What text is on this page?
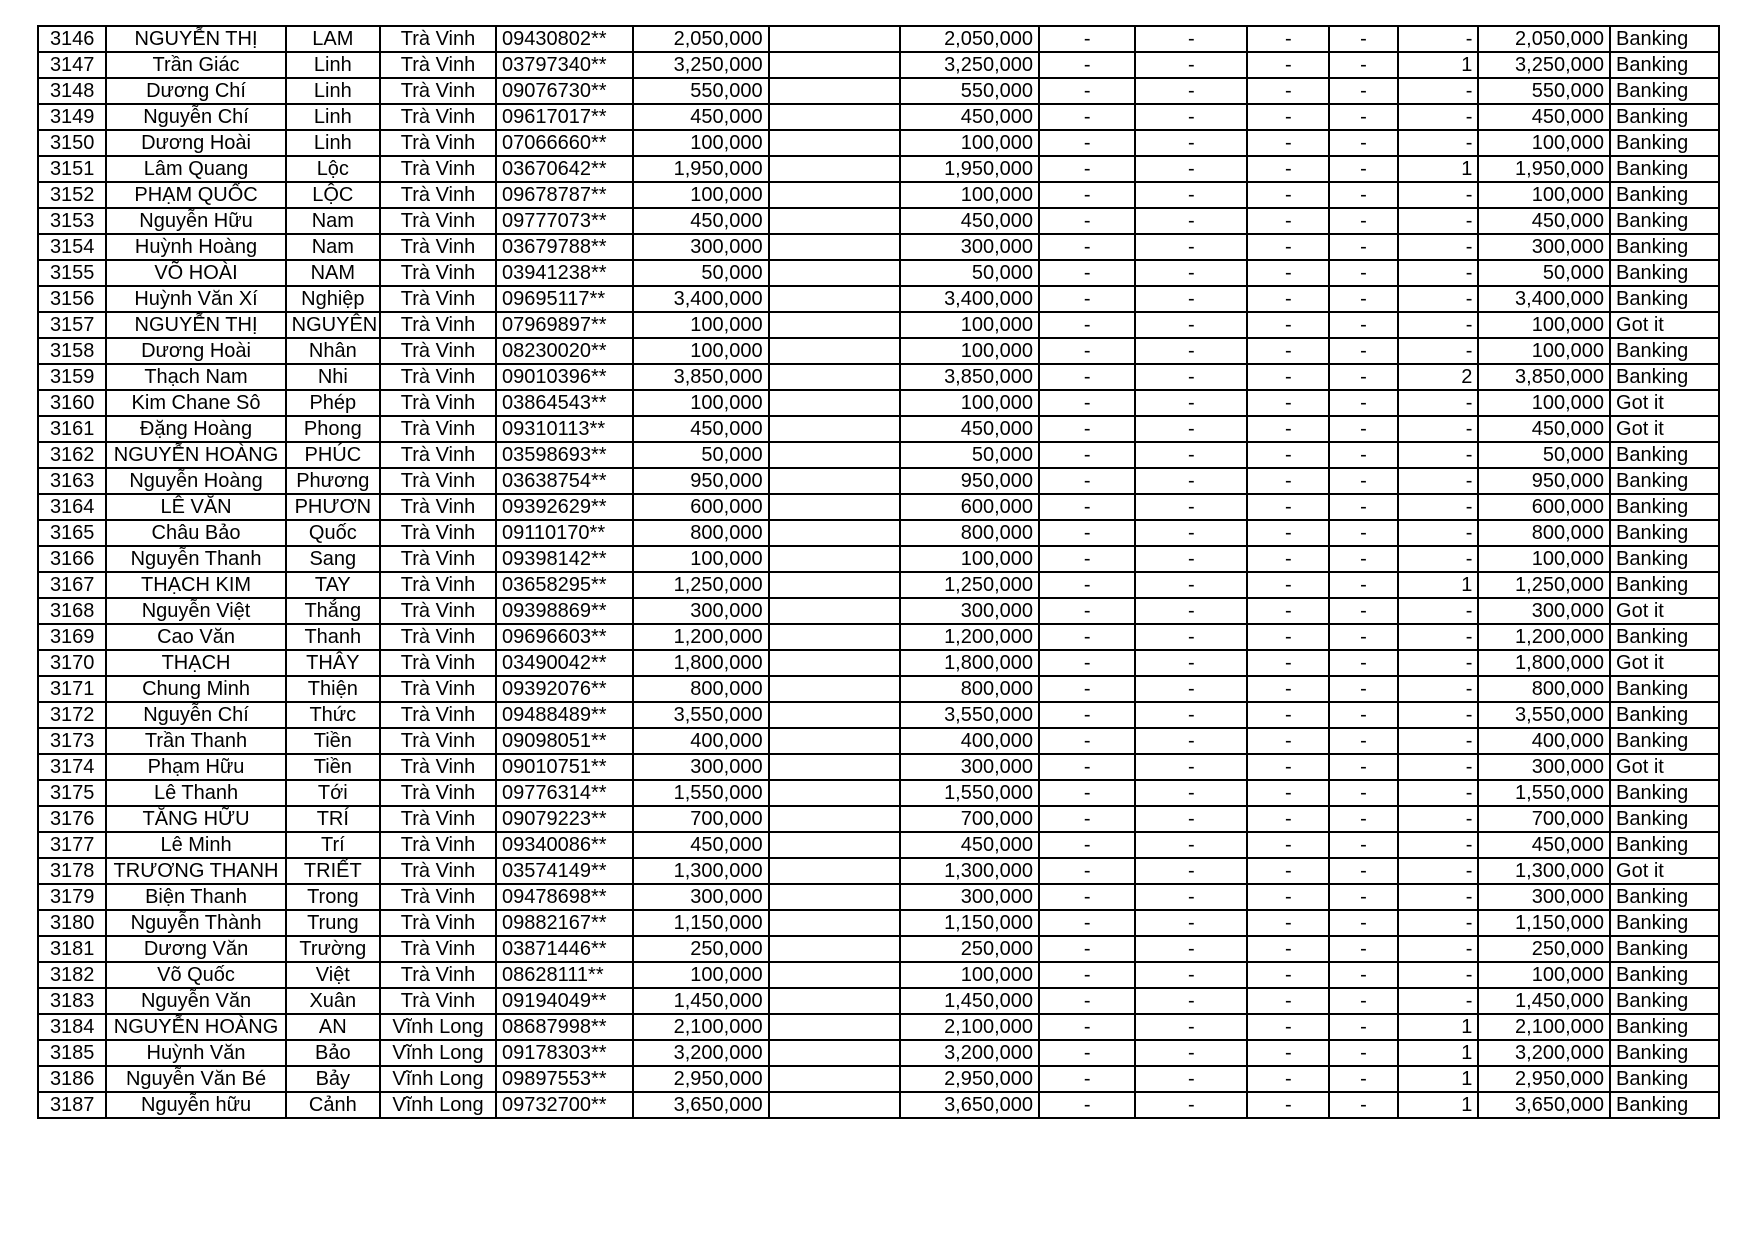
3146	NGUYỄN THỊ	LAM	Trà Vinh	09430802**	2,050,000		2,050,000	-	-	-	-	-	2,050,000	Banking
3147	Trần Giác	Linh	Trà Vinh	03797340**	3,250,000		3,250,000	-	-	-	-	1	3,250,000	Banking
3148	Dương Chí	Linh	Trà Vinh	09076730**	550,000		550,000	-	-	-	-	-	550,000	Banking
3149	Nguyễn Chí	Linh	Trà Vinh	09617017**	450,000		450,000	-	-	-	-	-	450,000	Banking
3150	Dương Hoài	Linh	Trà Vinh	07066660**	100,000		100,000	-	-	-	-	-	100,000	Banking
3151	Lâm Quang	Lộc	Trà Vinh	03670642**	1,950,000		1,950,000	-	-	-	-	1	1,950,000	Banking
3152	PHẠM QUỐC	LỘC	Trà Vinh	09678787**	100,000		100,000	-	-	-	-	-	100,000	Banking
3153	Nguyễn Hữu	Nam	Trà Vinh	09777073**	450,000		450,000	-	-	-	-	-	450,000	Banking
3154	Huỳnh Hoàng	Nam	Trà Vinh	03679788**	300,000		300,000	-	-	-	-	-	300,000	Banking
3155	VÕ HOÀI	NAM	Trà Vinh	03941238**	50,000		50,000	-	-	-	-	-	50,000	Banking
3156	Huỳnh Văn Xí	Nghiệp	Trà Vinh	09695117**	3,400,000		3,400,000	-	-	-	-	-	3,400,000	Banking
3157	NGUYỄN THỊ	NGUYÊN	Trà Vinh	07969897**	100,000		100,000	-	-	-	-	-	100,000	Got it
3158	Dương Hoài	Nhân	Trà Vinh	08230020**	100,000		100,000	-	-	-	-	-	100,000	Banking
3159	Thạch Nam	Nhi	Trà Vinh	09010396**	3,850,000		3,850,000	-	-	-	-	2	3,850,000	Banking
3160	Kim Chane Sô	Phép	Trà Vinh	03864543**	100,000		100,000	-	-	-	-	-	100,000	Got it
3161	Đặng Hoàng	Phong	Trà Vinh	09310113**	450,000		450,000	-	-	-	-	-	450,000	Got it
3162	NGUYỄN HOÀNG	PHÚC	Trà Vinh	03598693**	50,000		50,000	-	-	-	-	-	50,000	Banking
3163	Nguyễn Hoàng	Phương	Trà Vinh	03638754**	950,000		950,000	-	-	-	-	-	950,000	Banking
3164	LÊ VĂN	PHƯƠN	Trà Vinh	09392629**	600,000		600,000	-	-	-	-	-	600,000	Banking
3165	Châu Bảo	Quốc	Trà Vinh	09110170**	800,000		800,000	-	-	-	-	-	800,000	Banking
3166	Nguyễn Thanh	Sang	Trà Vinh	09398142**	100,000		100,000	-	-	-	-	-	100,000	Banking
3167	THẠCH KIM	TAY	Trà Vinh	03658295**	1,250,000		1,250,000	-	-	-	-	1	1,250,000	Banking
3168	Nguyễn Việt	Thắng	Trà Vinh	09398869**	300,000		300,000	-	-	-	-	-	300,000	Got it
3169	Cao Văn	Thanh	Trà Vinh	09696603**	1,200,000		1,200,000	-	-	-	-	-	1,200,000	Banking
3170	THẠCH	THÂY	Trà Vinh	03490042**	1,800,000		1,800,000	-	-	-	-	-	1,800,000	Got it
3171	Chung Minh	Thiện	Trà Vinh	09392076**	800,000		800,000	-	-	-	-	-	800,000	Banking
3172	Nguyễn Chí	Thức	Trà Vinh	09488489**	3,550,000		3,550,000	-	-	-	-	-	3,550,000	Banking
3173	Trần Thanh	Tiền	Trà Vinh	09098051**	400,000		400,000	-	-	-	-	-	400,000	Banking
3174	Phạm Hữu	Tiền	Trà Vinh	09010751**	300,000		300,000	-	-	-	-	-	300,000	Got it
3175	Lê Thanh	Tới	Trà Vinh	09776314**	1,550,000		1,550,000	-	-	-	-	-	1,550,000	Banking
3176	TĂNG HỮU	TRÍ	Trà Vinh	09079223**	700,000		700,000	-	-	-	-	-	700,000	Banking
3177	Lê Minh	Trí	Trà Vinh	09340086**	450,000		450,000	-	-	-	-	-	450,000	Banking
3178	TRƯƠNG THANH	TRIẾT	Trà Vinh	03574149**	1,300,000		1,300,000	-	-	-	-	-	1,300,000	Got it
3179	Biện Thanh	Trong	Trà Vinh	09478698**	300,000		300,000	-	-	-	-	-	300,000	Banking
3180	Nguyễn Thành	Trung	Trà Vinh	09882167**	1,150,000		1,150,000	-	-	-	-	-	1,150,000	Banking
3181	Dương Văn	Trường	Trà Vinh	03871446**	250,000		250,000	-	-	-	-	-	250,000	Banking
3182	Võ Quốc	Việt	Trà Vinh	08628111**	100,000		100,000	-	-	-	-	-	100,000	Banking
3183	Nguyễn Văn	Xuân	Trà Vinh	09194049**	1,450,000		1,450,000	-	-	-	-	-	1,450,000	Banking
3184	NGUYỄN HOÀNG	AN	Vĩnh Long	08687998**	2,100,000		2,100,000	-	-	-	-	1	2,100,000	Banking
3185	Huỳnh Văn	Bảo	Vĩnh Long	09178303**	3,200,000		3,200,000	-	-	-	-	1	3,200,000	Banking
3186	Nguyễn Văn Bé	Bảy	Vĩnh Long	09897553**	2,950,000		2,950,000	-	-	-	-	1	2,950,000	Banking
3187	Nguyễn hữu	Cảnh	Vĩnh Long	09732700**	3,650,000		3,650,000	-	-	-	-	1	3,650,000	Banking
